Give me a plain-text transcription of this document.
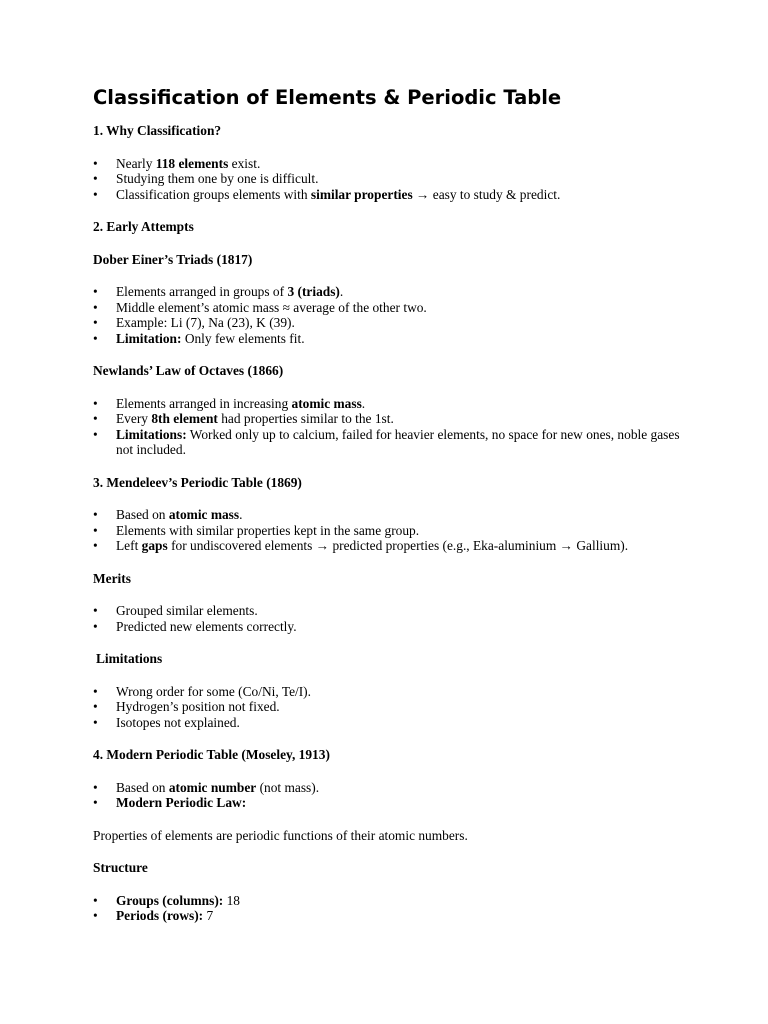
Classification of Elements & Periodic Table
1. Why Classification?
• Nearly 118 elements exist.
• Studying them one by one is difficult.
• Classification groups elements with similar properties → easy to study & predict.
2. Early Attempts
Dober Einer’s Triads (1817)
• Elements arranged in groups of 3 (triads).
• Middle element’s atomic mass ≈ average of the other two.
• Example: Li (7), Na (23), K (39).
• Limitation: Only few elements fit.
Newlands’ Law of Octaves (1866)
• Elements arranged in increasing atomic mass.
• Every 8th element had properties similar to the 1st.
• Limitations: Worked only up to calcium, failed for heavier elements, no space for new ones, noble gases not included.
3. Mendeleev’s Periodic Table (1869)
• Based on atomic mass.
• Elements with similar properties kept in the same group.
• Left gaps for undiscovered elements → predicted properties (e.g., Eka-aluminium → Gallium).
Merits
• Grouped similar elements.
• Predicted new elements correctly.
Limitations
• Wrong order for some (Co/Ni, Te/I).
• Hydrogen’s position not fixed.
• Isotopes not explained.
4. Modern Periodic Table (Moseley, 1913)
• Based on atomic number (not mass).
• Modern Periodic Law:

Properties of elements are periodic functions of their atomic numbers.

Structure
• Groups (columns): 18
• Periods (rows): 7
